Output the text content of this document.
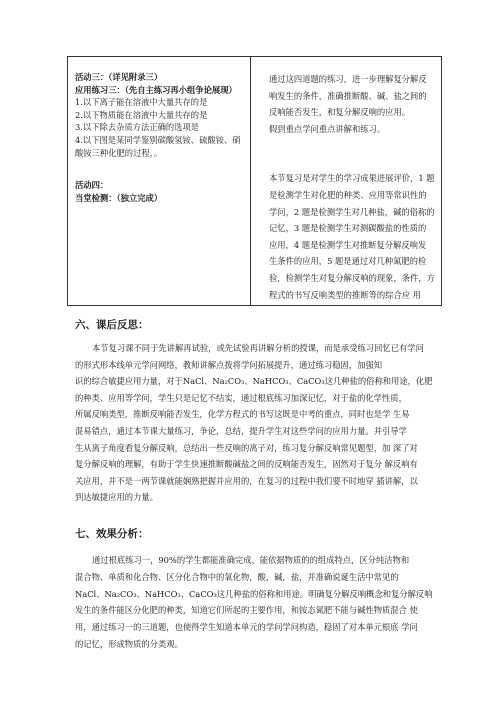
活动三：（详见附录三）
应用练习三：（先自主练习再小组争论展现）
1.以下离子能在溶液中大量共存的是
2.以下物质能在溶液中大量共存的是
3.以下除去杂质方法正确的选项是
4.以下图是某同学鉴别碳酸氢铵、硫酸铵、硝
酸铵三种化肥的过程，。
活动四：
当堂检测：（独立完成）
通过这四道题的练习，进一步理解复分解反
响发生的条件，准确推断酸、碱、盐之间的
反响能否发生，和复分解反响的应用。
假到重点学问重点讲解和练习。
本节复习是对学生的学习成果进展评价，1 题
是检测学生对化肥的种类、应用等常识性的
学问，2 题是检测学生对几种盐，碱的俗称的
记忆，3 题是检测学生对测碳酸盐的性质的
应用，4 题是检测学生对推断复分解反响发
生条件的应用，5 题是通过对几种氮肥的检
验，检测学生对复分解反响的现象，条件，方
程式的书写反响类型的推断等的综合应 用
六、课后反思：
本节复习课不同于先讲解再试验，或先试验再讲解分析的授课，而是承受练习回忆已有学问
的形式形本线单元学问网络，教师讲解点拨将学问拓展提升，通过练习稳固，加强知
识的综合敏捷应用力量，对于NaCl、Na₂CO₃、NaHCO₃、CaCO₃这几种盐的俗称和用途，化肥
的种类、应用等学问，学生只是记忆不结实，通过根底练习加深记忆，对于盐的化学性质，
所属反响类型，推断反响能否发生，化学方程式的书写这既是中考的重点，同时也是学 生易
混易错点，通过本节课大量练习，争论，总结，提升学生对这些学问的应用力量。并引导学
生从离子角度看复分解反响，总结出一些反响的离子对，练习复分解反响常见题型，加 深了对
复分解反响的理解，有助于学生快速推断酸碱盐之间的反响能否发生，固然对于复分 解反响有
关应用，并不是一两节课就能娴熟把握并应用的，在复习的过程中我们要不时地穿 插讲解，以
到达敏捷应用的力量。
七、效果分析：
通过根底练习一，90%的学生都能准确完成，能依据物质的的组成特点，区分纯洁物和
混合物、单质和化合物、区分化合物中的氧化物，酸，碱，盐，并准确说诞生活中常见的
NaCl、Na₂CO₃、NaHCO₃、CaCO₃这几种盐的俗称和用途。明确复分解反响概念和复分解反响
发生的条件能区分化肥的种类，知道它们所起的主要作用，和铵态氮肥不能与碱性物质混合 使
用，通过练习一的三道题，也使得学生知道本单元的学问学问构造，稳固了对本单元根底 学问
的记忆，形成物质的分类观。
